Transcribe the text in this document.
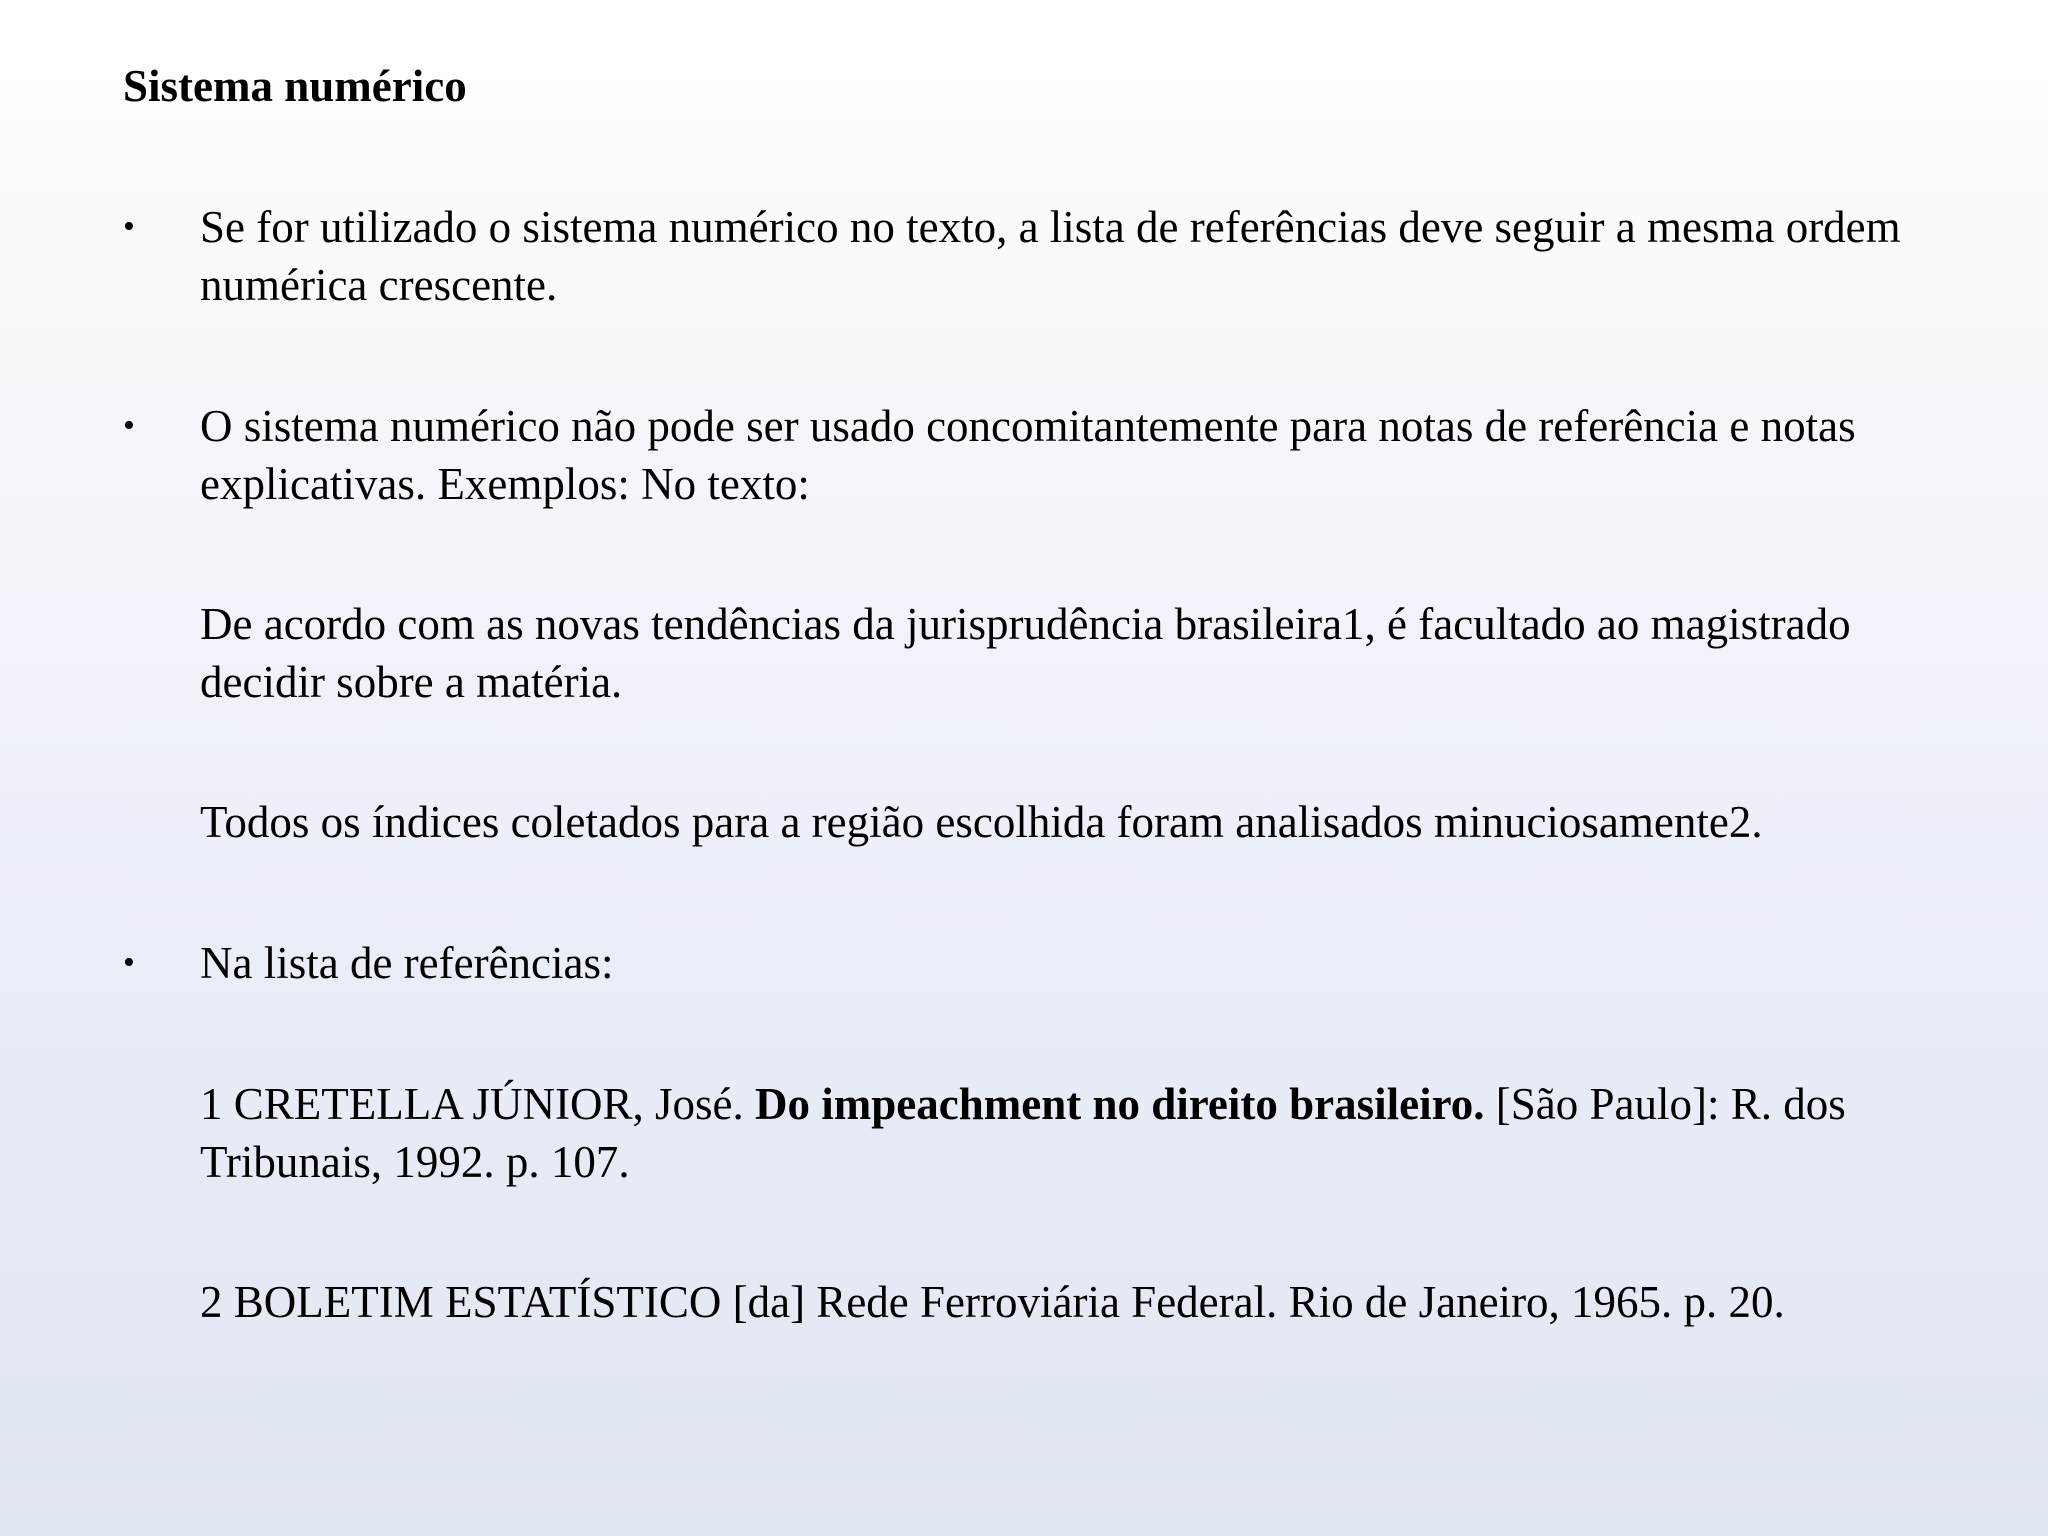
Sistema numérico
• Se for utilizado o sistema numérico no texto, a lista de referências deve seguir a mesma ordem numérica crescente.
• O sistema numérico não pode ser usado concomitantemente para notas de referência e notas explicativas. Exemplos: No texto:
De acordo com as novas tendências da jurisprudência brasileira1, é facultado ao magistrado decidir sobre a matéria.
Todos os índices coletados para a região escolhida foram analisados minuciosamente2.
• Na lista de referências:
1 CRETELLA JÚNIOR, José. Do impeachment no direito brasileiro. [São Paulo]: R. dos Tribunais, 1992. p. 107.
2 BOLETIM ESTATÍSTICO [da] Rede Ferroviária Federal. Rio de Janeiro, 1965. p. 20.
